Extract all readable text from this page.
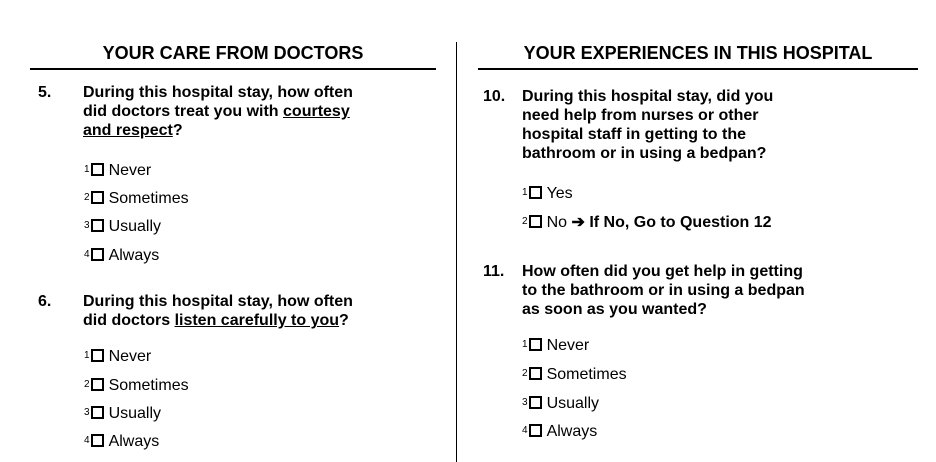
YOUR CARE FROM DOCTORS
5. During this hospital stay, how often
did doctors treat you with courtesy
and respect?
$^1$ Never
$^2$ Sometimes
$^3$ Usually
$^4$ Always
6. During this hospital stay, how often
did doctors listen carefully to you?
$^1$ Never
$^2$ Sometimes
$^3$ Usually
$^4$ Always
YOUR EXPERIENCES IN THIS HOSPITAL
10. During this hospital stay, did you
need help from nurses or other
hospital staff in getting to the
bathroom or in using a bedpan?
$^1$ Yes
$^2$ No ➔ If No, Go to Question 12
11. How often did you get help in getting
to the bathroom or in using a bedpan
as soon as you wanted?
$^1$ Never
$^2$ Sometimes
$^3$ Usually
$^4$ Always
